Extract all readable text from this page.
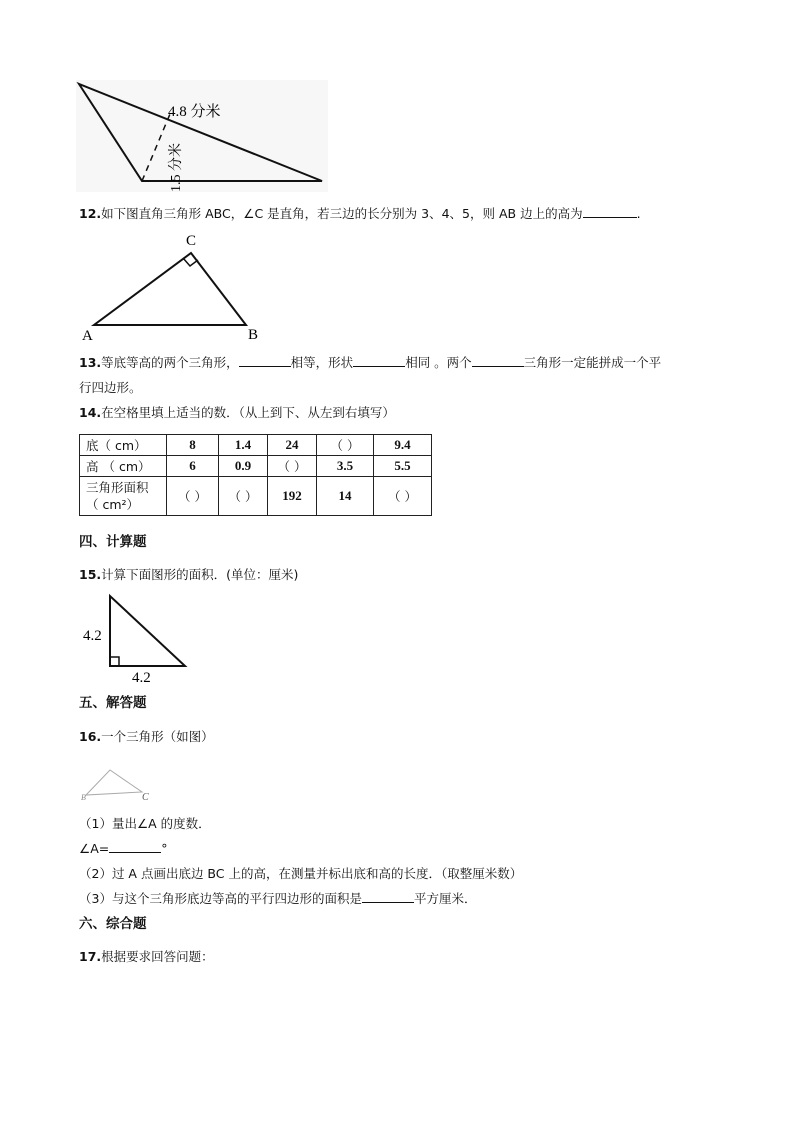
4.8 分米
1.5 分米
12.如下图直角三角形 ABC，∠C 是直角，若三边的长分别为 3、4、5，则 AB 边上的高为	.
A	B
C
13.等底等高的两个三角形，	相等，形状	相同 。两个	三角形一定能拼成一个平
行四边形。
14.在空格里填上适当的数．（从上到下、从左到右填写）
底（ cm）	8	1.4	24	（ ）	9.4
高 （ cm）	6	0.9	（ ）	3.5	5.5
三角形面积
（ cm²）	（ ）	（ ）	192	14	（ ）
四、计算题
15.计算下面图形的面积．(单位：厘米)
4.2
4.2
五、解答题
16.一个三角形（如图）
B	C
（1）量出∠A 的度数．
∠A=	°
（2）过 A 点画出底边 BC 上的高，在测量并标出底和高的长度．（取整厘米数）
（3）与这个三角形底边等高的平行四边形的面积是	平方厘米．
六、综合题
17.根据要求回答问题：
